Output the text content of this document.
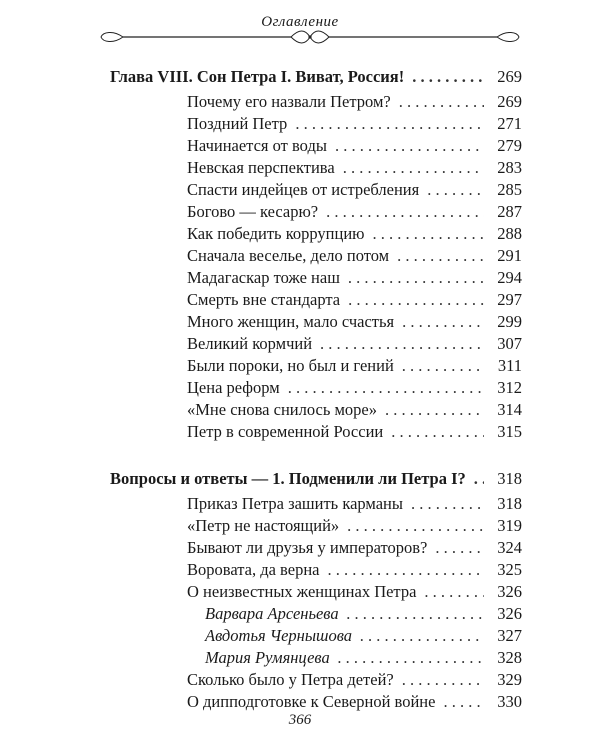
Оглавление
Глава VIII. Сон Петра I. Виват, Россия! . . .	269
Почему его назвали Петром? . . .	269
Поздний Петр . . .	271
Начинается от воды . . .	279
Невская перспектива . . .	283
Спасти индейцев от истребления . . .	285
Богово — кесарю? . . .	287
Как победить коррупцию . . .	288
Сначала веселье, дело потом . . .	291
Мадагаскар тоже наш . . .	294
Смерть вне стандарта . . .	297
Много женщин, мало счастья . . .	299
Великий кормчий . . .	307
Были пороки, но был и гений . . .	311
Цена реформ . . .	312
«Мне снова снилось море» . . .	314
Петр в современной России . . .	315
Вопросы и ответы — 1. Подменили ли Петра I? . . .	318
Приказ Петра зашить карманы . . .	318
«Петр не настоящий» . . .	319
Бывают ли друзья у императоров? . . .	324
Воровата, да верна . . .	325
О неизвестных женщинах Петра . . .	326
Варвара Арсеньева . . .	326
Авдотья Чернышова . . .	327
Мария Румянцева . . .	328
Сколько было у Петра детей? . . .	329
О дипподготовке к Северной войне . . .	330
366
